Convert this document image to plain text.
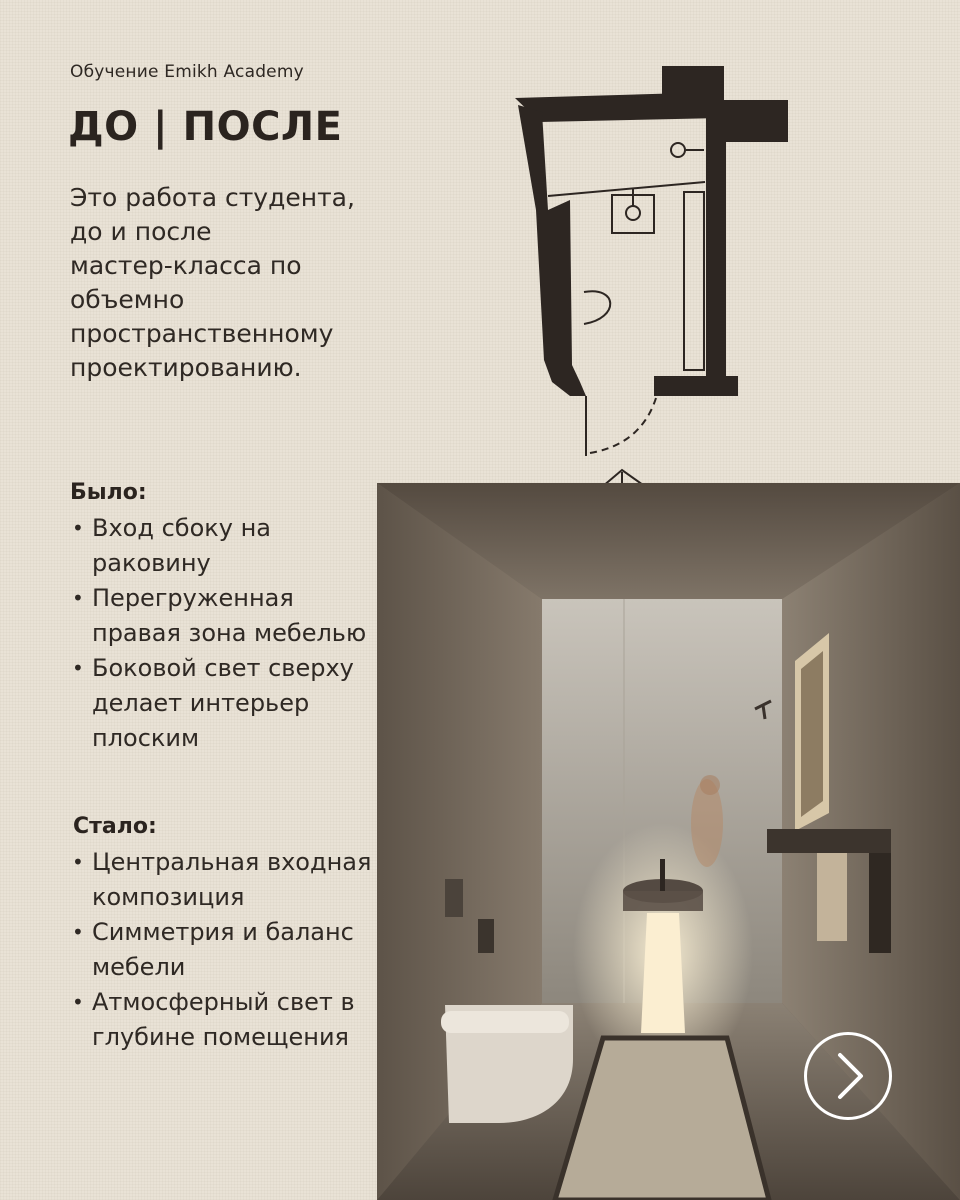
Обучение Emikh Academy
ДО | ПОСЛЕ
Это работа студента,
до и после
мастер-класса по
объемно
пространственному
проектированию.
Было:
• Вход сбоку на раковину
• Перегруженная правая зона мебелью
• Боковой свет сверху делает интерьер плоским
Стало:
• Центральная входная композиция
• Симметрия и баланс мебели
• Атмосферный свет в глубине помещения
